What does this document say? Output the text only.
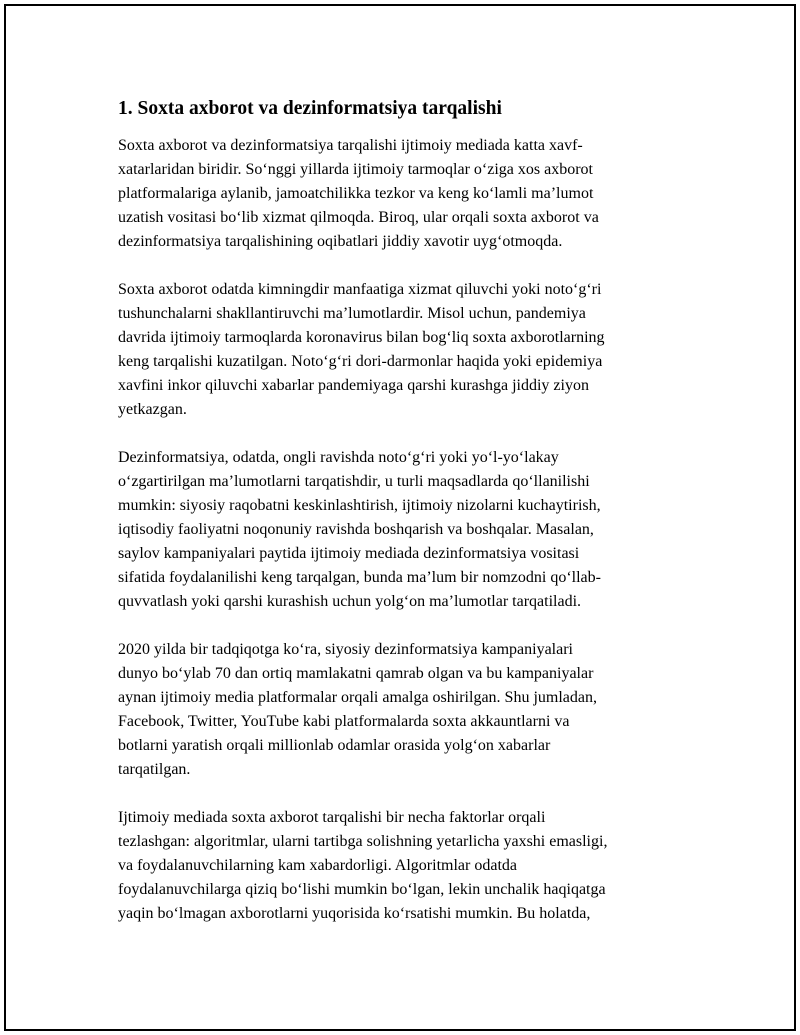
1. Soxta axborot va dezinformatsiya tarqalishi

Soxta axborot va dezinformatsiya tarqalishi ijtimoiy mediada katta xavf-
xatarlaridan biridir. So‘nggi yillarda ijtimoiy tarmoqlar o‘ziga xos axborot
platformalariga aylanib, jamoatchilikka tezkor va keng ko‘lamli ma’lumot
uzatish vositasi bo‘lib xizmat qilmoqda. Biroq, ular orqali soxta axborot va
dezinformatsiya tarqalishining oqibatlari jiddiy xavotir uyg‘otmoqda.

Soxta axborot odatda kimningdir manfaatiga xizmat qiluvchi yoki noto‘g‘ri
tushunchalarni shakllantiruvchi ma’lumotlardir. Misol uchun, pandemiya
davrida ijtimoiy tarmoqlarda koronavirus bilan bog‘liq soxta axborotlarning
keng tarqalishi kuzatilgan. Noto‘g‘ri dori-darmonlar haqida yoki epidemiya
xavfini inkor qiluvchi xabarlar pandemiyaga qarshi kurashga jiddiy ziyon
yetkazgan.

Dezinformatsiya, odatda, ongli ravishda noto‘g‘ri yoki yo‘l-yo‘lakay
o‘zgartirilgan ma’lumotlarni tarqatishdir, u turli maqsadlarda qo‘llanilishi
mumkin: siyosiy raqobatni keskinlashtirish, ijtimoiy nizolarni kuchaytirish,
iqtisodiy faoliyatni noqonuniy ravishda boshqarish va boshqalar. Masalan,
saylov kampaniyalari paytida ijtimoiy mediada dezinformatsiya vositasi
sifatida foydalanilishi keng tarqalgan, bunda ma’lum bir nomzodni qo‘llab-
quvvatlash yoki qarshi kurashish uchun yolg‘on ma’lumotlar tarqatiladi.

2020 yilda bir tadqiqotga ko‘ra, siyosiy dezinformatsiya kampaniyalari
dunyo bo‘ylab 70 dan ortiq mamlakatni qamrab olgan va bu kampaniyalar
aynan ijtimoiy media platformalar orqali amalga oshirilgan. Shu jumladan,
Facebook, Twitter, YouTube kabi platformalarda soxta akkauntlarni va
botlarni yaratish orqali millionlab odamlar orasida yolg‘on xabarlar
tarqatilgan.

Ijtimoiy mediada soxta axborot tarqalishi bir necha faktorlar orqali
tezlashgan: algoritmlar, ularni tartibga solishning yetarlicha yaxshi emasligi,
va foydalanuvchilarning kam xabardorligi. Algoritmlar odatda
foydalanuvchilarga qiziq bo‘lishi mumkin bo‘lgan, lekin unchalik haqiqatga
yaqin bo‘lmagan axborotlarni yuqorisida ko‘rsatishi mumkin. Bu holatda,
